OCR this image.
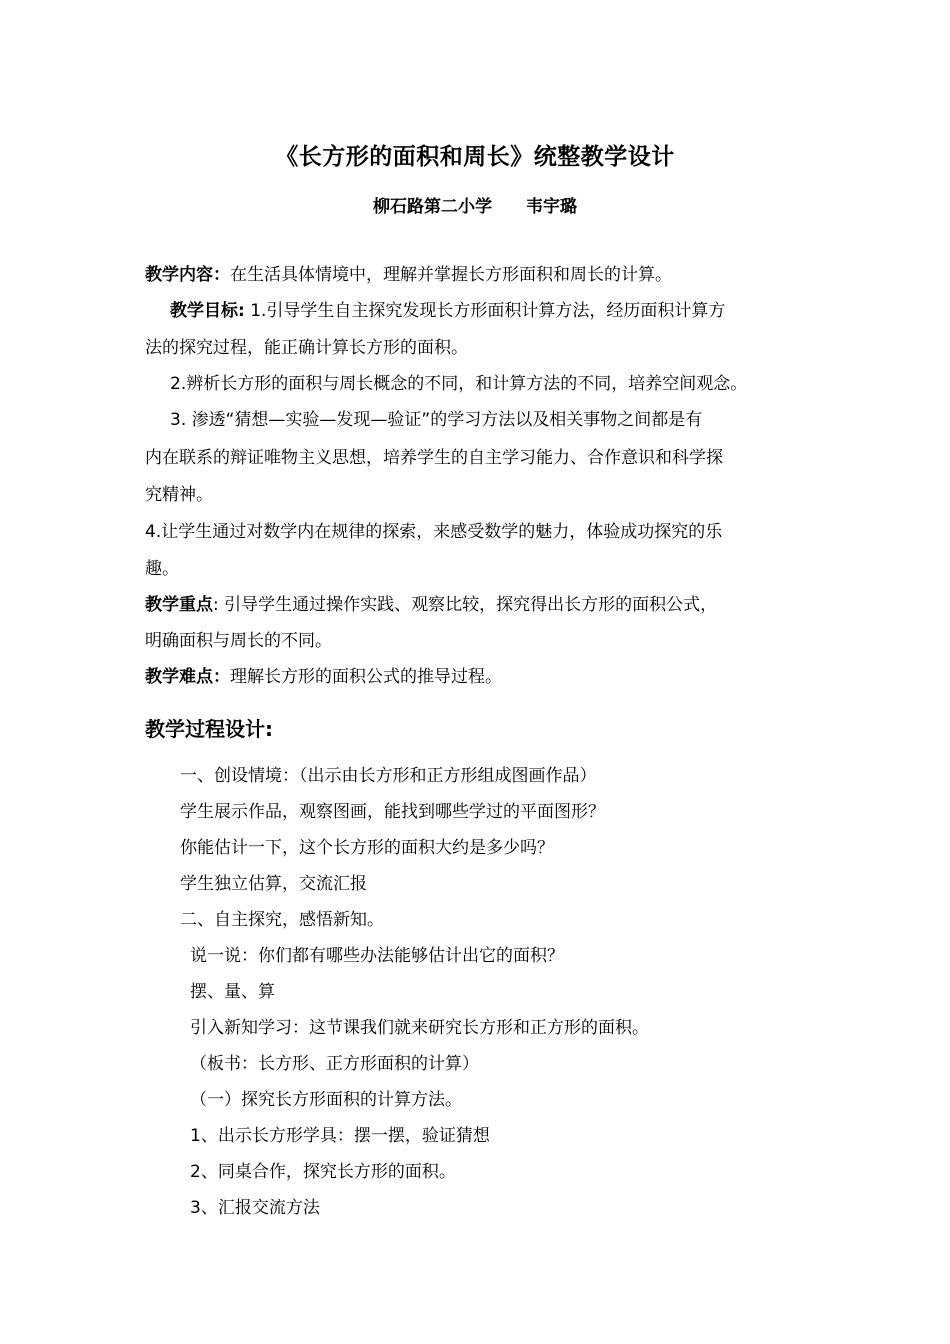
《长方形的面积和周长》统整教学设计
柳石路第二小学 韦宇璐
教学内容：在生活具体情境中，理解并掌握长方形面积和周长的计算。
教学目标: 1.引导学生自主探究发现长方形面积计算方法，经历面积计算方
法的探究过程，能正确计算长方形的面积。
2.辨析长方形的面积与周长概念的不同，和计算方法的不同，培养空间观念。
3. 渗透“猜想—实验—发现—验证”的学习方法以及相关事物之间都是有
内在联系的辩证唯物主义思想，培养学生的自主学习能力、合作意识和科学探
究精神。
4.让学生通过对数学内在规律的探索，来感受数学的魅力，体验成功探究的乐
趣。
教学重点: 引导学生通过操作实践、观察比较，探究得出长方形的面积公式，
明确面积与周长的不同。
教学难点：理解长方形的面积公式的推导过程。
教学过程设计:
一、创设情境：（出示由长方形和正方形组成图画作品）
学生展示作品，观察图画，能找到哪些学过的平面图形？
你能估计一下，这个长方形的面积大约是多少吗？
学生独立估算，交流汇报
二、自主探究，感悟新知。
说一说：你们都有哪些办法能够估计出它的面积？
摆、量、算
引入新知学习：这节课我们就来研究长方形和正方形的面积。
（板书：长方形、正方形面积的计算）
（一）探究长方形面积的计算方法。
1、出示长方形学具：摆一摆，验证猜想
2、同桌合作，探究长方形的面积。
3、汇报交流方法
